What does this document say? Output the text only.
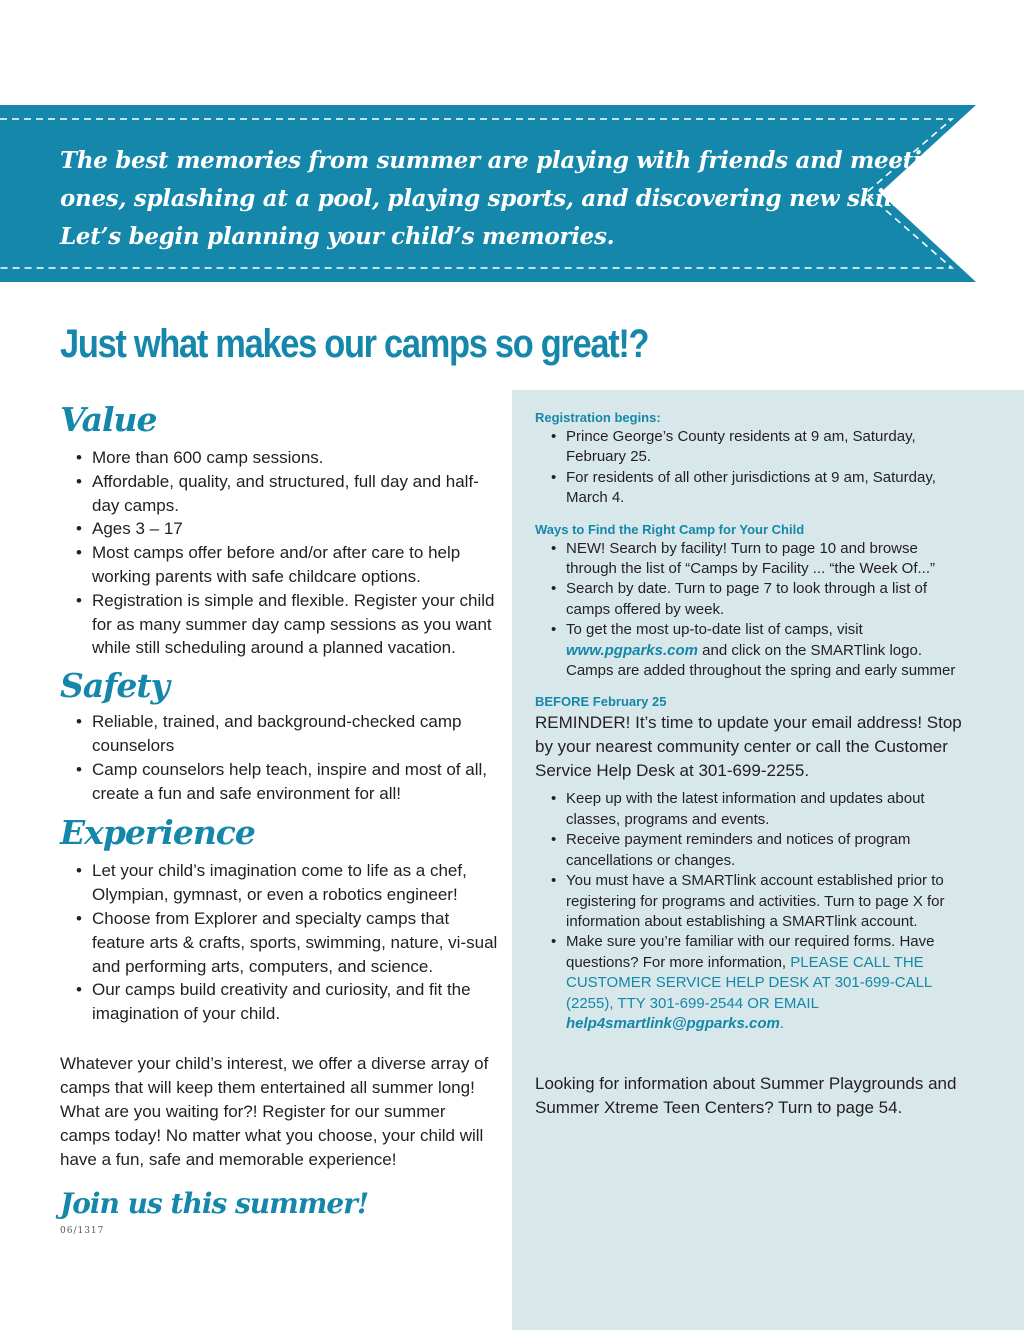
The best memories from summer are playing with friends and meeting new
ones, splashing at a pool, playing sports, and discovering new skills.
Let’s begin planning your child’s memories.
Just what makes our camps so great!?
Value
• More than 600 camp sessions.
• Affordable, quality, and structured, full day and half-day camps.
• Ages 3 – 17
• Most camps offer before and/or after care to help working parents with safe childcare options.
• Registration is simple and flexible. Register your child for as many summer day camp sessions as you want while still scheduling around a planned vacation.
Safety
• Reliable, trained, and background-checked camp counselors
• Camp counselors help teach, inspire and most of all, create a fun and safe environment for all!
Experience
• Let your child’s imagination come to life as a chef, Olympian, gymnast, or even a robotics engineer!
• Choose from Explorer and specialty camps that feature arts & crafts, sports, swimming, nature, vi-sual and performing arts, computers, and science.
• Our camps build creativity and curiosity, and fit the imagination of your child.

Whatever your child’s interest, we offer a diverse array of camps that will keep them entertained all summer long! What are you waiting for?! Register for our summer camps today! No matter what you choose, your child will have a fun, safe and memorable experience!

Join us this summer!
06/1317
Registration begins:
• Prince George’s County residents at 9 am, Saturday, February 25.
• For residents of all other jurisdictions at 9 am, Saturday, March 4.
Ways to Find the Right Camp for Your Child
• NEW! Search by facility! Turn to page 10 and browse through the list of “Camps by Facility ... “the Week Of...”
• Search by date. Turn to page 7 to look through a list of camps offered by week.
• To get the most up-to-date list of camps, visit www.pgparks.com and click on the SMARTlink logo. Camps are added throughout the spring and early summer
BEFORE February 25

REMINDER! It’s time to update your email address! Stop by your nearest community center or call the Customer Service Help Desk at 301-699-2255.

• Keep up with the latest information and updates about classes, programs and events.
• Receive payment reminders and notices of program cancellations or changes.
• You must have a SMARTlink account established prior to registering for programs and activities. Turn to page X for information about establishing a SMARTlink account.
• Make sure you’re familiar with our required forms. Have questions? For more information, PLEASE CALL THE CUSTOMER SERVICE HELP DESK AT 301-699-CALL (2255), TTY 301-699-2544 OR EMAIL help4smartlink@pgparks.com.

Looking for information about Summer Playgrounds and Summer Xtreme Teen Centers? Turn to page 54.
